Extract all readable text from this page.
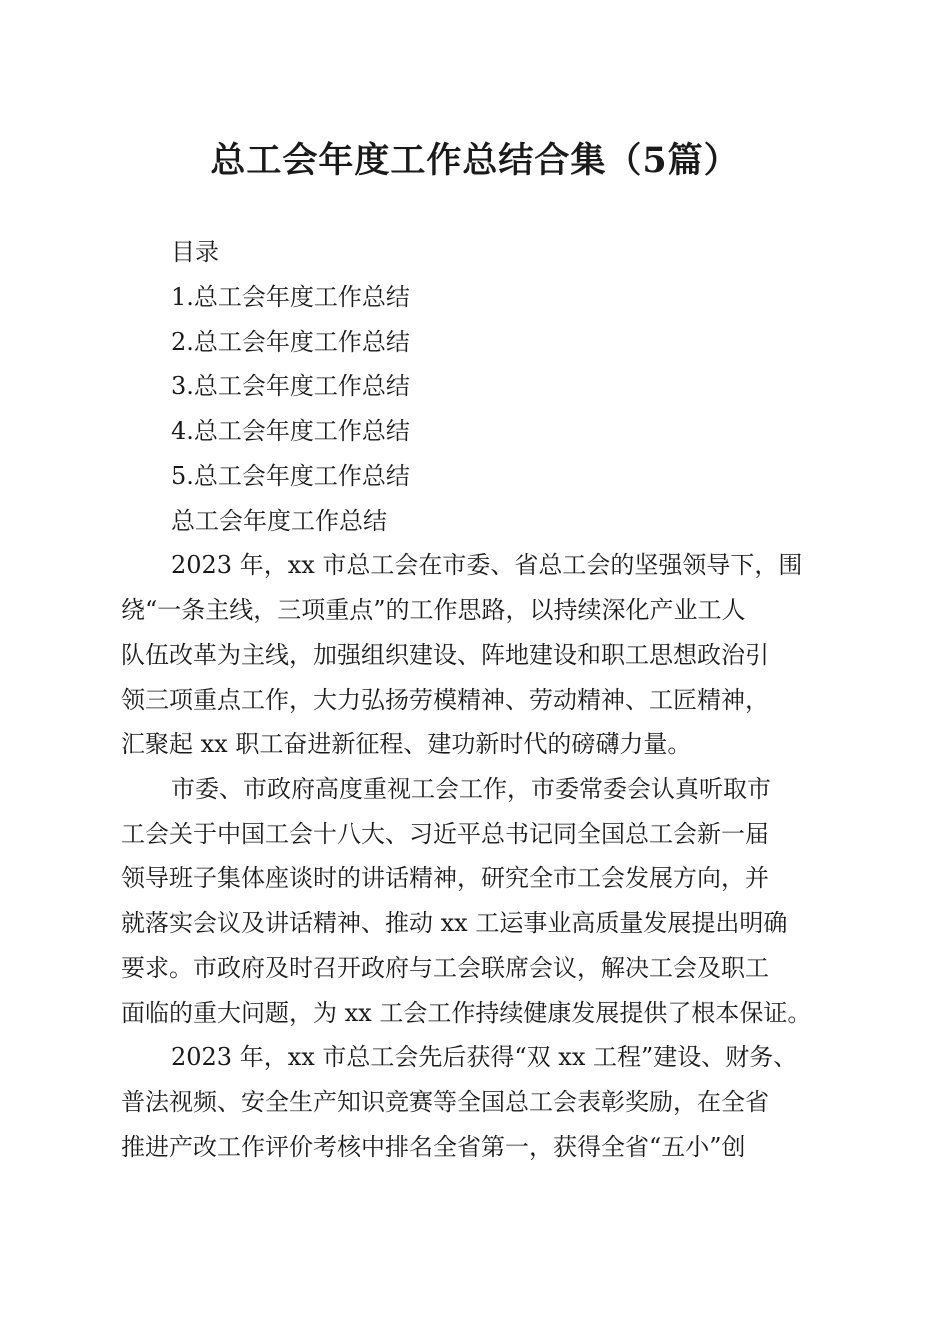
总工会年度工作总结合集（5篇）
目录
1.总工会年度工作总结
2.总工会年度工作总结
3.总工会年度工作总结
4.总工会年度工作总结
5.总工会年度工作总结
总工会年度工作总结
2023 年，xx 市总工会在市委、省总工会的坚强领导下，围
绕“一条主线，三项重点”的工作思路，以持续深化产业工人
队伍改革为主线，加强组织建设、阵地建设和职工思想政治引
领三项重点工作，大力弘扬劳模精神、劳动精神、工匠精神，
汇聚起 xx 职工奋进新征程、建功新时代的磅礴力量。
市委、市政府高度重视工会工作，市委常委会认真听取市
工会关于中国工会十八大、习近平总书记同全国总工会新一届
领导班子集体座谈时的讲话精神，研究全市工会发展方向，并
就落实会议及讲话精神、推动 xx 工运事业高质量发展提出明确
要求。市政府及时召开政府与工会联席会议，解决工会及职工
面临的重大问题，为 xx 工会工作持续健康发展提供了根本保证。
2023 年，xx 市总工会先后获得“双 xx 工程”建设、财务、
普法视频、安全生产知识竞赛等全国总工会表彰奖励，在全省
推进产改工作评价考核中排名全省第一，获得全省“五小”创
